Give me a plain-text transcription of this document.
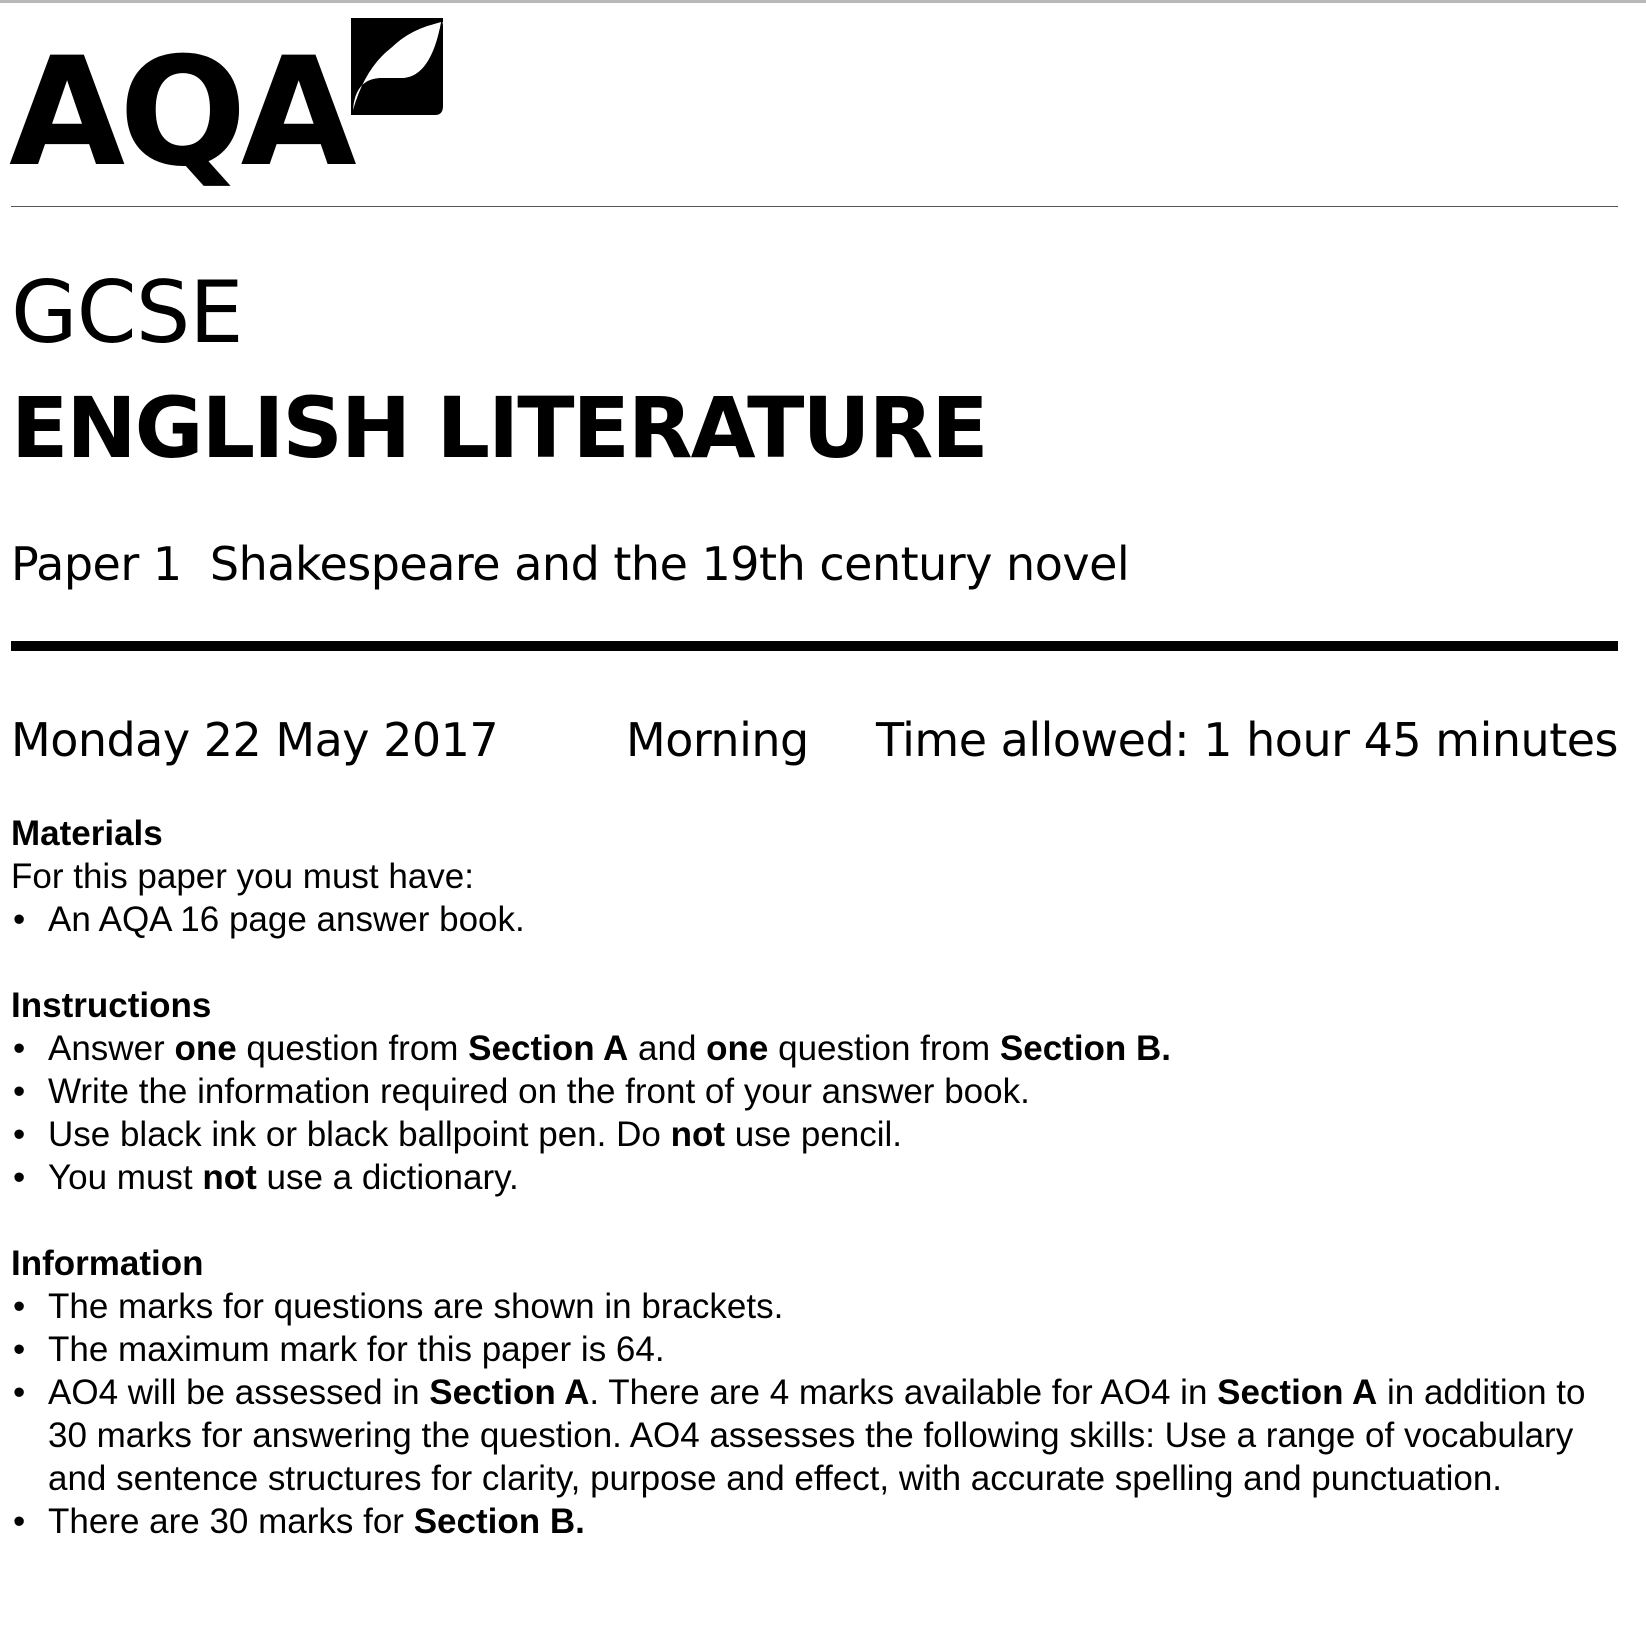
AQA
GCSE
ENGLISH LITERATURE
Paper 1  Shakespeare and the 19th century novel
Monday 22 May 2017	Morning Time allowed: 1 hour 45 minutes

Materials

For this paper you must have:

• An AQA 16 page answer book.

Instructions

• Answer one question from Section A and one question from Section B.
• Write the information required on the front of your answer book.
• Use black ink or black ballpoint pen. Do not use pencil.
• You must not use a dictionary.

Information

• The marks for questions are shown in brackets.
• The maximum mark for this paper is 64.
• AO4 will be assessed in Section A. There are 4 marks available for AO4 in Section A in addition to 30 marks for answering the question. AO4 assesses the following skills: Use a range of vocabulary and sentence structures for clarity, purpose and effect, with accurate spelling and punctuation.
• There are 30 marks for Section B.
